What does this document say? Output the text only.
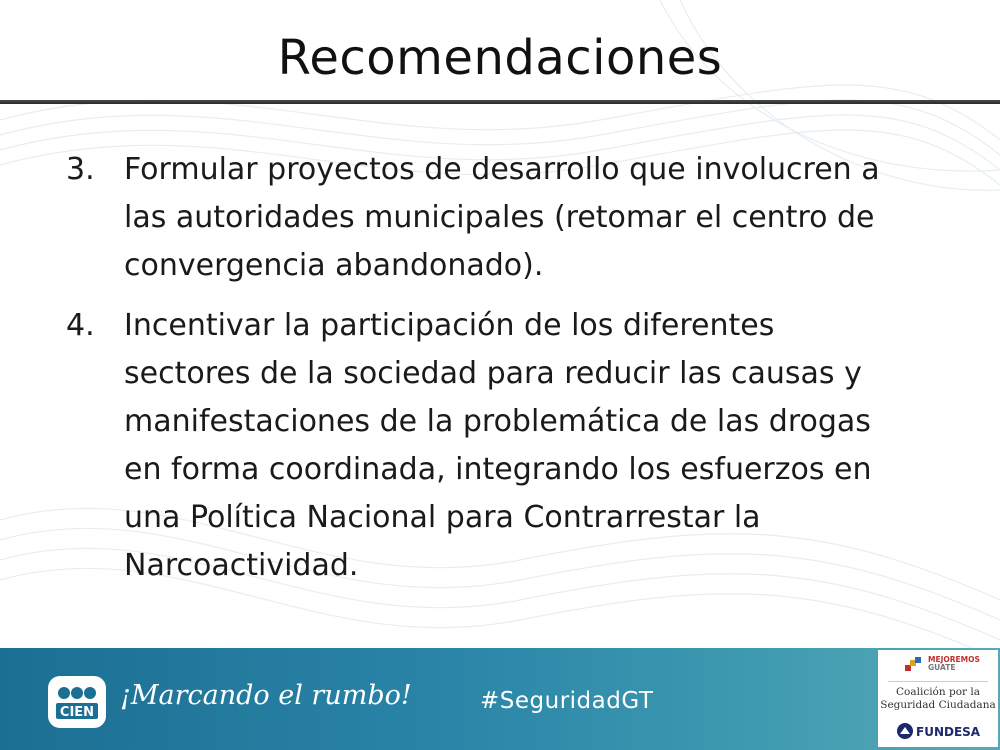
Recomendaciones
3. Formular proyectos de desarrollo que involucren a
las autoridades municipales (retomar el centro de
convergencia abandonado).
4. Incentivar la participación de los diferentes
sectores de la sociedad para reducir las causas y
manifestaciones de la problemática de las drogas
en forma coordinada, integrando los esfuerzos en
una Política Nacional para Contrarrestar la
Narcoactividad.
CIEN
¡Marcando el rumbo!	#SeguridadGT
MEJOREMOS
GUATE
Coalición por la
Seguridad Ciudadana
FUNDESA
